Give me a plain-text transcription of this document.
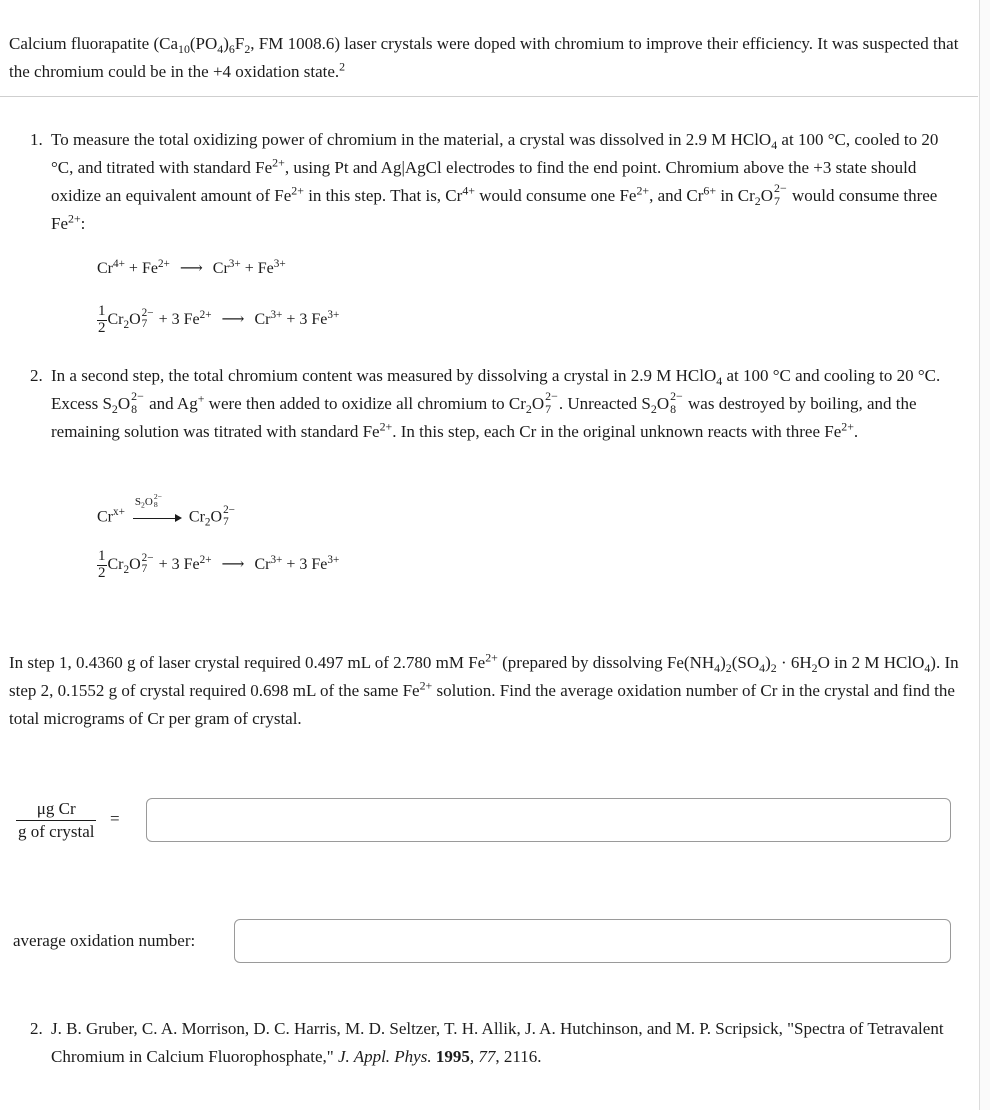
Calcium fluorapatite ($Ca_{10}(PO_4)_6F_2$, FM 1008.6) laser crystals were doped with chromium to improve their efficiency. It was suspected that the chromium could be in the +4 oxidation state.$^2$

1. To measure the total oxidizing power of chromium in the material, a crystal was dissolved in 2.9 M HClO$_4$ at 100 °C, cooled to 20 °C, and titrated with standard $Fe^{2+}$, using Pt and Ag|AgCl electrodes to find the end point. Chromium above the +3 state should oxidize an equivalent amount of $Fe^{2+}$ in this step. That is, $Cr^{4+}$ would consume one $Fe^{2+}$, and $Cr^{6+}$ in $Cr_2O$ 2−
7 would consume three $Fe^{2+}$:
$Cr^{4+} + Fe^{2+}$ ⟶ $Cr^{3+} + Fe^{3+}$
$\frac{1}{2} Cr_2O$ 2−
7 + 3 $Fe^{2+}$ ⟶ $Cr^{3+} + 3$ $Fe^{3+}$
2. In a second step, the total chromium content was measured by dissolving a crystal in 2.9 M HClO$_4$ at 100 °C and cooling to 20 °C. Excess $S_2O$ 2−
8 and Ag+ were then added to oxidize all chromium to $Cr_2O$ 2−
7 . Unreacted $S_2O$ 2−
8 was destroyed by boiling, and the remaining solution was titrated with standard $Fe^{2+}$. In this step, each Cr in the original unknown reacts with three $Fe^{2+}$.
$Cr^{x+}$
$S_2O$ 2−
8
$Cr_2O$ 2−
7
$\frac{1}{2} Cr_2O$ 2−
7 + 3 $Fe^{2+}$ ⟶ $Cr^{3+} + 3$ $Fe^{3+}$

In step 1, 0.4360 g of laser crystal required 0.497 mL of 2.780 mM $Fe^{2+}$ (prepared by dissolving $Fe(NH_4)_2(SO_4)_2 \cdot 6H_2O$ in 2 M HClO$_4$). In step 2, 0.1552 g of crystal required 0.698 mL of the same $Fe^{2+}$ solution. Find the average oxidation number of Cr in the crystal and find the total micrograms of Cr per gram of crystal.

μg Cr
g of crystal
=
average oxidation number:
2. J. B. Gruber, C. A. Morrison, D. C. Harris, M. D. Seltzer, T. H. Allik, J. A. Hutchinson, and M. P. Scripsick, "Spectra of Tetravalent Chromium in Calcium Fluorophosphate," J. Appl. Phys. 1995, 77, 2116.
